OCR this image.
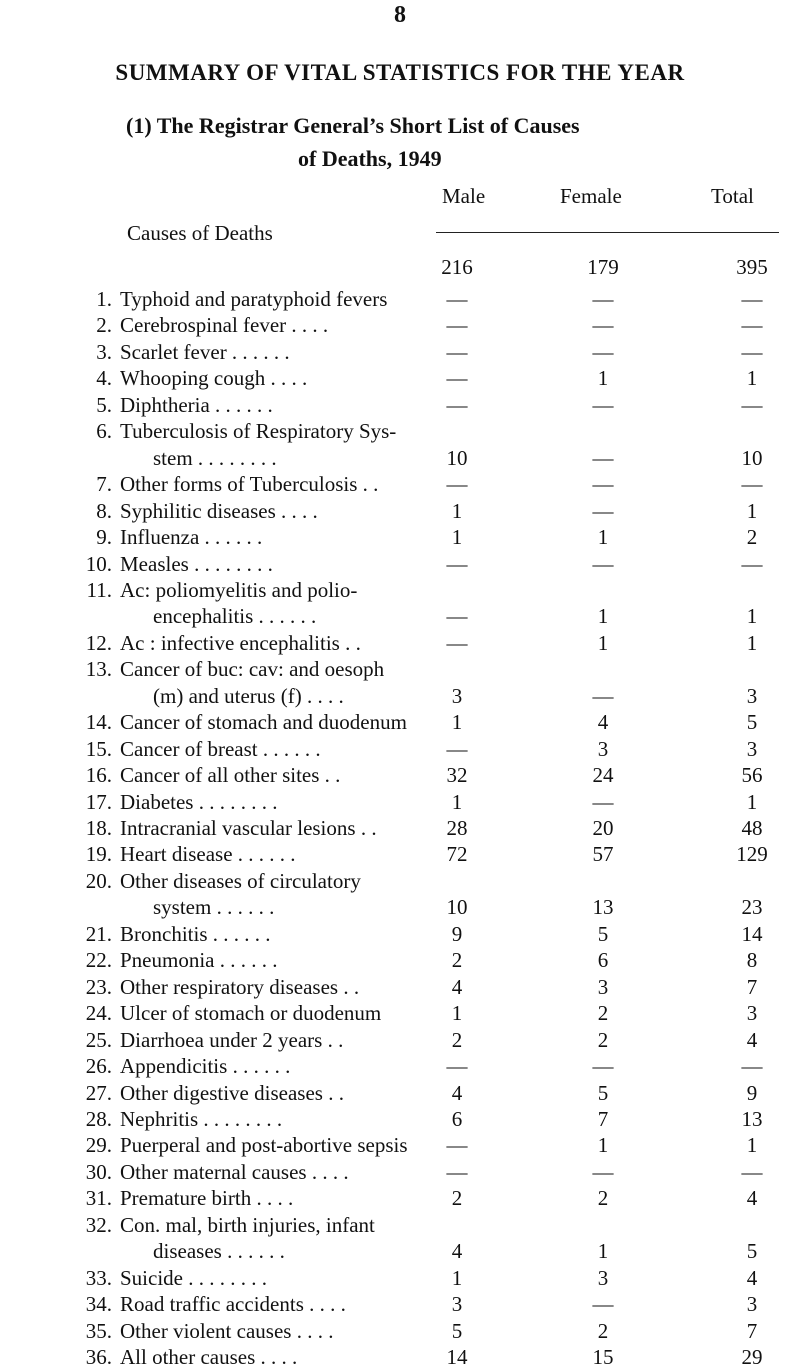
8
SUMMARY OF VITAL STATISTICS FOR THE YEAR
(1) The Registrar General’s Short List of Causes
of Deaths, 1949
Male	Female	Total
Causes of Deaths
216	179	395
1. Typhoid and paratyphoid fevers	—	—	—
2. Cerebrospinal fever . . . .	—	—	—
3. Scarlet fever . . . . . .	—	—	—
4. Whooping cough . . . .	—	1	1
5. Diphtheria . . . . . .	—	—	—
6. Tuberculosis of Respiratory Sys-
stem . . . . . . . .	10	—	10
7. Other forms of Tuberculosis . .	—	—	—
8. Syphilitic diseases . . . .	1	—	1
9. Influenza . . . . . .	1	1	2
10. Measles . . . . . . . .	—	—	—
11. Ac: poliomyelitis and polio-
encephalitis . . . . . .	—	1	1
12. Ac : infective encephalitis . .	—	1	1
13. Cancer of buc: cav: and oesoph
(m) and uterus (f) . . . .	3	—	3
14. Cancer of stomach and duodenum	1	4	5
15. Cancer of breast . . . . . .	—	3	3
16. Cancer of all other sites . .	32	24	56
17. Diabetes . . . . . . . .	1	—	1
18. Intracranial vascular lesions . .	28	20	48
19. Heart disease . . . . . .	72	57	129
20. Other diseases of circulatory
system . . . . . .	10	13	23
21. Bronchitis . . . . . .	9	5	14
22. Pneumonia . . . . . .	2	6	8
23. Other respiratory diseases . .	4	3	7
24. Ulcer of stomach or duodenum	1	2	3
25. Diarrhoea under 2 years . .	2	2	4
26. Appendicitis . . . . . .	—	—	—
27. Other digestive diseases . .	4	5	9
28. Nephritis . . . . . . . .	6	7	13
29. Puerperal and post-abortive sepsis	—	1	1
30. Other maternal causes . . . .	—	—	—
31. Premature birth . . . .	2	2	4
32. Con. mal, birth injuries, infant
diseases . . . . . .	4	1	5
33. Suicide . . . . . . . .	1	3	4
34. Road traffic accidents . . . .	3	—	3
35. Other violent causes . . . .	5	2	7
36. All other causes . . . .	14	15	29
